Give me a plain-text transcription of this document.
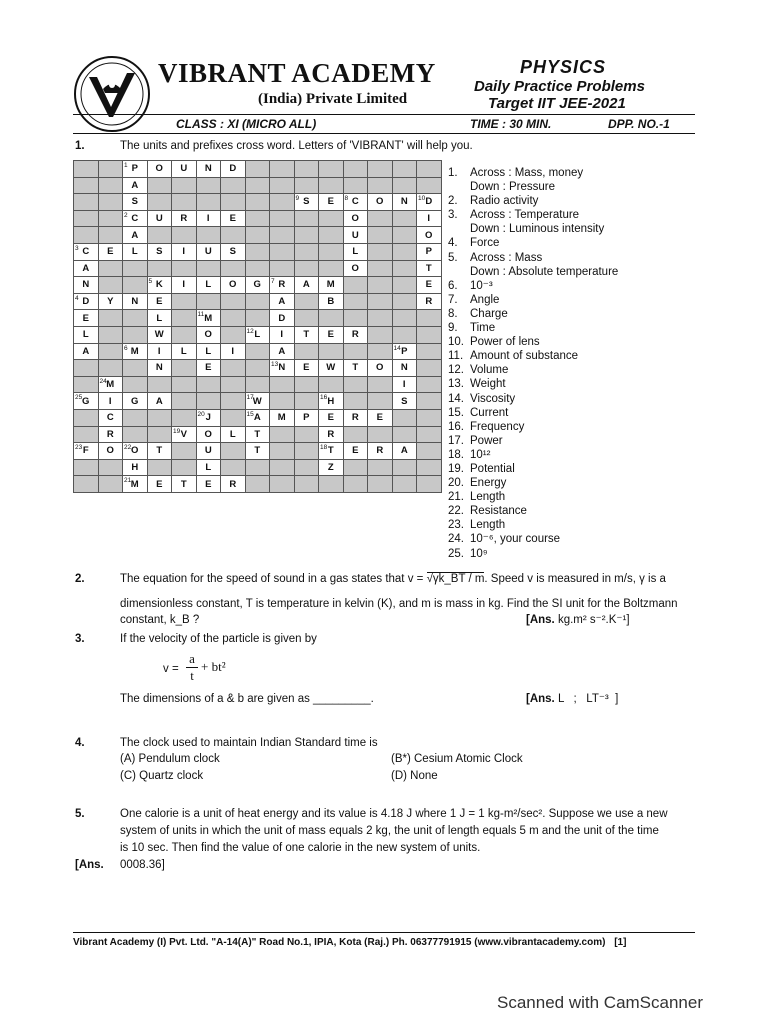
VIBRANT ACADEMY
(India) Private Limited
PHYSICS
Daily Practice Problems
Target IIT JEE-2021
CLASS : XI (MICRO ALL)	TIME : 30 MIN.	DPP. NO.-1
1.	The units and prefixes cross word. Letters of 'VIBRANT' will help you.

		1 P	O	U	N	D								
		A												
		S							9 S	E	8 C	O	N	10 D

		2 C	U	R	I	E					O			I
		A									U			O

3 C	E	L	S	I	U	S					L			P
A											O			T
N			5 K	I	L	O	G	7 R	A	M				E

4 D	Y	N	E					A		B				R
E			L		11 M			D						
L			W		O		12 L	I	T	E	R			
A		6 M	I	L	L	I		A					14 P	
			N		E			13 N	E	W	T	O	N	

	24 M												I	

25 G	I	G	A				17 W			16 H			S	
	C				20 J		15 A	M	P	E	R	E		
	R			19 V	O	L	T			R				

23 F	O	22 O	T		U		T			18 T	E	R	A	
		H			L					Z				

		21 M	E	T	E	R								
1.	Across : Mass, money
Down : Pressure
2.	Radio activity
3.	Across : Temperature
Down : Luminous intensity
4.	Force
5.	Across : Mass
Down : Absolute temperature
6.	10⁻³
7.	Angle
8.	Charge
9.	Time
10. Power of lens
11. Amount of substance
12. Volume
13. Weight
14. Viscosity
15. Current
16. Frequency
17. Power
18. 10¹²
19. Potential
20. Energy
21. Length
22. Resistance
23. Length
24. 10⁻⁶, your course
25. 10⁹
2.	The equation for the speed of sound in a gas states that v = √γk_BT / m. Speed v is measured in m/s, γ is a
dimensionless constant, T is temperature in kelvin (K), and m is mass in kg. Find the SI unit for the Boltzmann
constant, k_B ?	[Ans. kg.m² s⁻².K⁻¹]
3.	If the velocity of the particle is given by
v =
a
t
+ bt²
The dimensions of a & b are given as _________.	[Ans. L   ;   LT⁻³  ]
4.	The clock used to maintain Indian Standard time is
(A) Pendulum clock	(B*) Cesium Atomic Clock
(C) Quartz clock	(D) None
5.	One calorie is a unit of heat energy and its value is 4.18 J where 1 J = 1 kg-m²/sec². Suppose we use a new
system of units in which the unit of mass equals 2 kg, the unit of length equals 5 m and the unit of the time
is 10 sec. Then find the value of one calorie in the new system of units.
[Ans. 0008.36]
Vibrant Academy (I) Pvt. Ltd. "A-14(A)" Road No.1, IPIA, Kota (Raj.) Ph. 06377791915 (www.vibrantacademy.com) [1]
Scanned with CamScanner
